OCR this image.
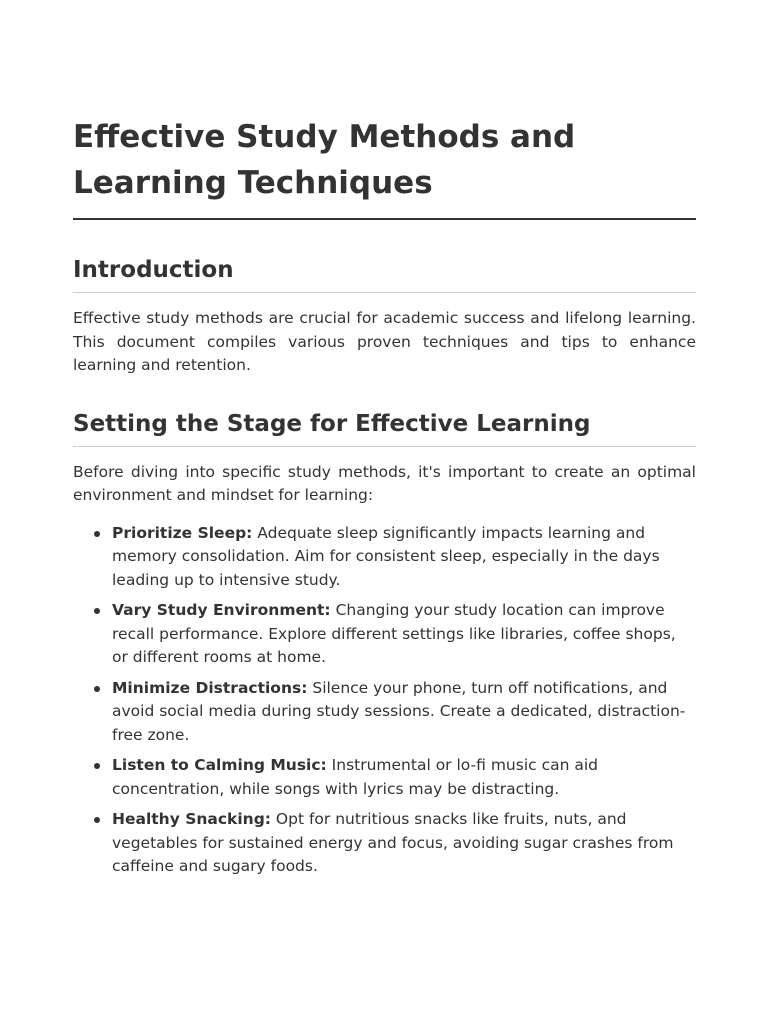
Effective Study Methods and Learning Techniques
Introduction

Effective study methods are crucial for academic success and lifelong learning. This document compiles various proven techniques and tips to enhance learning and retention.

Setting the Stage for Effective Learning

Before diving into specific study methods, it's important to create an optimal environment and mindset for learning:

Prioritize Sleep: Adequate sleep significantly impacts learning and memory consolidation. Aim for consistent sleep, especially in the days leading up to intensive study.
Vary Study Environment: Changing your study location can improve recall performance. Explore different settings like libraries, coffee shops, or different rooms at home.
Minimize Distractions: Silence your phone, turn off notifications, and avoid social media during study sessions. Create a dedicated, distraction-free zone.
Listen to Calming Music: Instrumental or lo-fi music can aid concentration, while songs with lyrics may be distracting.
Healthy Snacking: Opt for nutritious snacks like fruits, nuts, and vegetables for sustained energy and focus, avoiding sugar crashes from caffeine and sugary foods.
